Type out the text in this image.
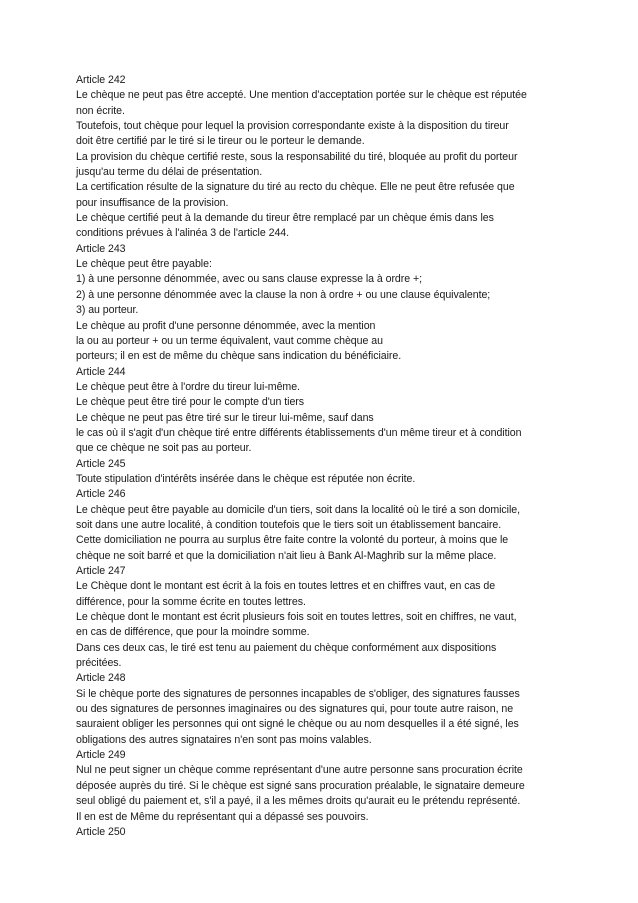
Article 242
Le chèque ne peut pas être accepté. Une mention d'acceptation portée sur le chèque est réputée
non écrite.
Toutefois, tout chèque pour lequel la provision correspondante existe à la disposition du tireur
doit être certifié par le tiré si le tireur ou le porteur le demande.
La provision du chèque certifié reste, sous la responsabilité du tiré, bloquée au profit du porteur
jusqu'au terme du délai de présentation.
La certification résulte de la signature du tiré au recto du chèque. Elle ne peut être refusée que
pour insuffisance de la provision.
Le chèque certifié peut à la demande du tireur être remplacé par un chèque émis dans les
conditions prévues à l'alinéa 3 de l'article 244.
Article 243
Le chèque peut être payable:
1) à une personne dénommée, avec ou sans clause expresse la à ordre +;
2) à une personne dénommée avec la clause la non à ordre + ou une clause équivalente;
3) au porteur.
Le chèque au profit d'une personne dénommée, avec la mention
la ou au porteur + ou un terme équivalent, vaut comme chèque au
porteurs; il en est de même du chèque sans indication du bénéficiaire.
Article 244
Le chèque peut être à l'ordre du tireur lui-même.
Le chèque peut être tiré pour le compte d'un tiers
Le chèque ne peut pas être tiré sur le tireur lui-même, sauf dans
le cas où il s'agit d'un chèque tiré entre différents établissements d'un même tireur et à condition
que ce chèque ne soit pas au porteur.
Article 245
Toute stipulation d'intérêts insérée dans le chèque est réputée non écrite.
Article 246
Le chèque peut être payable au domicile d'un tiers, soit dans la localité où le tiré a son domicile,
soit dans une autre localité, à condition toutefois que le tiers soit un établissement bancaire.
Cette domiciliation ne pourra au surplus être faite contre la volonté du porteur, à moins que le
chèque ne soit barré et que la domiciliation n'ait lieu à Bank Al-Maghrib sur la même place.
Article 247
Le Chèque dont le montant est écrit à la fois en toutes lettres et en chiffres vaut, en cas de
différence, pour la somme écrite en toutes lettres.
Le chèque dont le montant est écrit plusieurs fois soit en toutes lettres, soit en chiffres, ne vaut,
en cas de différence, que pour la moindre somme.
Dans ces deux cas, le tiré est tenu au paiement du chèque conformément aux dispositions
précitées.
Article 248
Si le chèque porte des signatures de personnes incapables de s'obliger, des signatures fausses
ou des signatures de personnes imaginaires ou des signatures qui, pour toute autre raison, ne
sauraient obliger les personnes qui ont signé le chèque ou au nom desquelles il a été signé, les
obligations des autres signataires n'en sont pas moins valables.
Article 249
Nul ne peut signer un chèque comme représentant d'une autre personne sans procuration écrite
déposée auprès du tiré. Si le chèque est signé sans procuration préalable, le signataire demeure
seul obligé du paiement et, s'il a payé, il a les mêmes droits qu'aurait eu le prétendu représenté.
Il en est de Même du représentant qui a dépassé ses pouvoirs.
Article 250
